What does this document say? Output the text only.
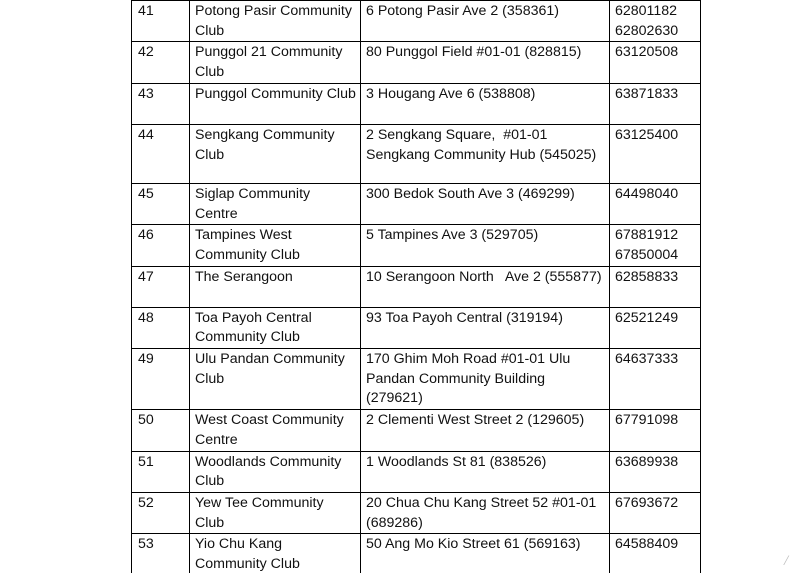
41	Potong Pasir Community Club	6 Potong Pasir Ave 2 (358361)	62801182
62802630

42	Punggol 21 Community Club	80 Punggol Field #01-01 (828815)	63120508

43	Punggol Community Club	3 Hougang Ave 6 (538808)	63871833

44	Sengkang Community Club	2 Sengkang Square,  #01-01 Sengkang Community Hub (545025)	63125400

45	Siglap Community Centre	300 Bedok South Ave 3 (469299)	64498040

46	Tampines West Community Club	5 Tampines Ave 3 (529705)	67881912
67850004

47	The Serangoon	10 Serangoon North   Ave 2 (555877)	62858833

48	Toa Payoh Central Community Club	93 Toa Payoh Central (319194)	62521249

49	Ulu Pandan Community Club	170 Ghim Moh Road #01-01 Ulu Pandan Community Building (279621)	64637333

50	West Coast Community Centre	2 Clementi West Street 2 (129605)	67791098

51	Woodlands Community Club	1 Woodlands St 81 (838526)	63689938

52	Yew Tee Community Club	20 Chua Chu Kang Street 52 #01-01 (689286)	67693672

53	Yio Chu Kang Community Club	50 Ang Mo Kio Street 61 (569163)	64588409
/
